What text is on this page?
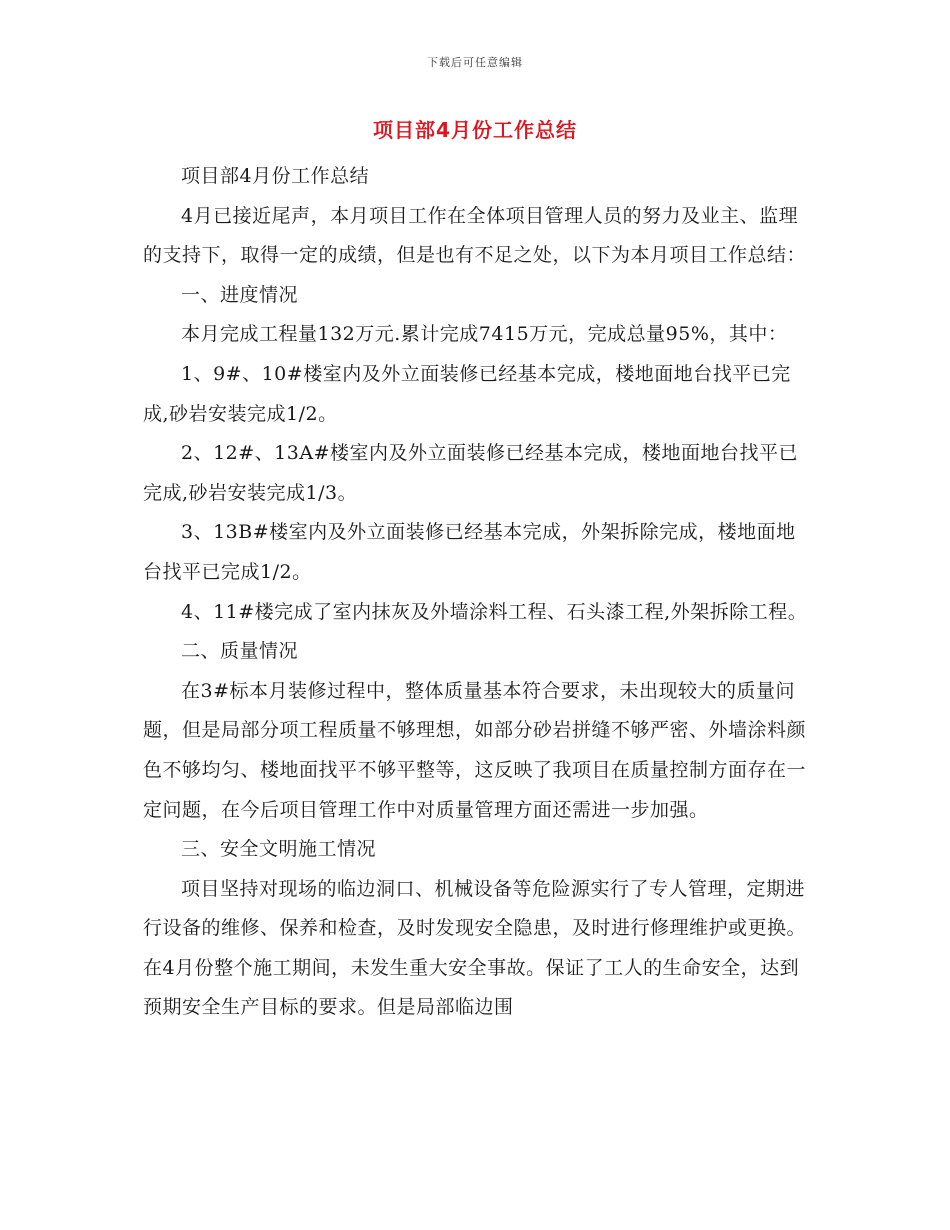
下载后可任意编辑
项目部4月份工作总结

项目部4月份工作总结

4月已接近尾声，本月项目工作在全体项目管理人员的努力及业主、监理的支持下，取得一定的成绩，但是也有不足之处，以下为本月项目工作总结：

一、进度情况

本月完成工程量132万元.累计完成7415万元，完成总量95%，其中：

1、9#、10#楼室内及外立面装修已经基本完成，楼地面地台找平已完成,砂岩安装完成1/2。

2、12#、13A#楼室内及外立面装修已经基本完成，楼地面地台找平已完成,砂岩安装完成1/3。

3、13B#楼室内及外立面装修已经基本完成，外架拆除完成，楼地面地台找平已完成1/2。

4、11#楼完成了室内抹灰及外墙涂料工程、石头漆工程,外架拆除工程。

二、质量情况

在3#标本月装修过程中，整体质量基本符合要求，未出现较大的质量问题，但是局部分项工程质量不够理想，如部分砂岩拼缝不够严密、外墙涂料颜色不够均匀、楼地面找平不够平整等，这反映了我项目在质量控制方面存在一定问题，在今后项目管理工作中对质量管理方面还需进一步加强。

三、安全文明施工情况

项目坚持对现场的临边洞口、机械设备等危险源实行了专人管理，定期进行设备的维修、保养和检查，及时发现安全隐患，及时进行修理维护或更换。在4月份整个施工期间，未发生重大安全事故。保证了工人的生命安全，达到预期安全生产目标的要求。但是局部临边围
